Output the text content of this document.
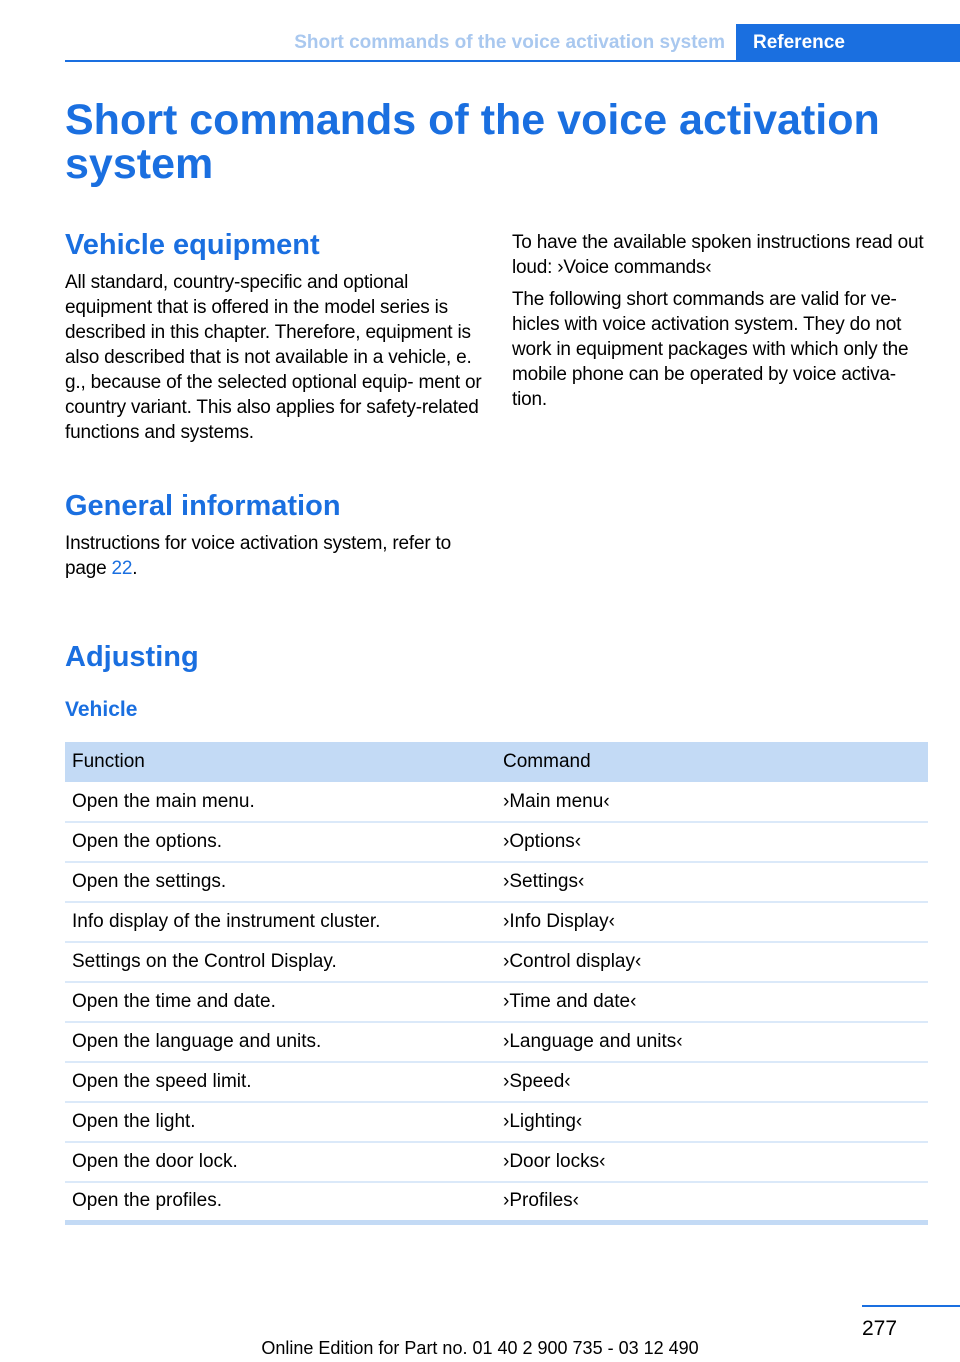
Short commands of the voice activation system	Reference
Short commands of the voice activation system
Vehicle equipment

All standard, country-specific and optional equipment that is offered in the model series is described in this chapter. Therefore, equipment is also described that is not available in a vehicle, e. g., because of the selected optional equip- ment or country variant. This also applies for safety-related functions and systems.

General information

Instructions for voice activation system, refer to page 22.

To have the available spoken instructions read out loud: ›Voice commands‹

The following short commands are valid for ve- hicles with voice activation system. They do not work in equipment packages with which only the mobile phone can be operated by voice activa- tion.

Adjusting
Vehicle
Function	Command
Open the main menu.	›Main menu‹
Open the options.	›Options‹
Open the settings.	›Settings‹
Info display of the instrument cluster.	›Info Display‹
Settings on the Control Display.	›Control display‹
Open the time and date.	›Time and date‹
Open the language and units.	›Language and units‹
Open the speed limit.	›Speed‹
Open the light.	›Lighting‹
Open the door lock.	›Door locks‹
Open the profiles.	›Profiles‹
277
Online Edition for Part no. 01 40 2 900 735 - 03 12 490
